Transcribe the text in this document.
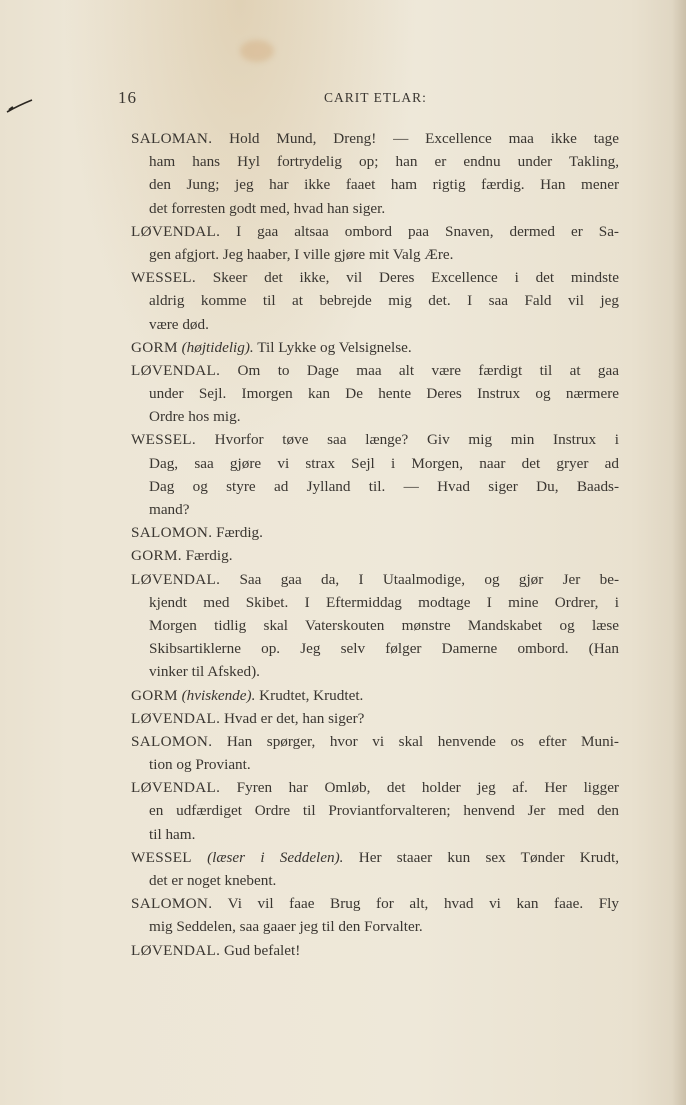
16	CARIT ETLAR:
SALOMAN. Hold Mund, Dreng! — Excellence maa ikke tage
ham hans Hyl fortrydelig op; han er endnu under Takling,
den Jung; jeg har ikke faaet ham rigtig færdig. Han mener
det forresten godt med, hvad han siger.
LØVENDAL. I gaa altsaa ombord paa Snaven, dermed er Sa-
gen afgjort. Jeg haaber, I ville gjøre mit Valg Ære.
WESSEL. Skeer det ikke, vil Deres Excellence i det mindste
aldrig komme til at bebrejde mig det. I saa Fald vil jeg
være død.
GORM (højtidelig). Til Lykke og Velsignelse.
LØVENDAL. Om to Dage maa alt være færdigt til at gaa
under Sejl. Imorgen kan De hente Deres Instrux og nærmere
Ordre hos mig.
WESSEL. Hvorfor tøve saa længe? Giv mig min Instrux i
Dag, saa gjøre vi strax Sejl i Morgen, naar det gryer ad
Dag og styre ad Jylland til. — Hvad siger Du, Baads-
mand?
SALOMON. Færdig.
GORM. Færdig.
LØVENDAL. Saa gaa da, I Utaalmodige, og gjør Jer be-
kjendt med Skibet. I Eftermiddag modtage I mine Ordrer, i
Morgen tidlig skal Vaterskouten mønstre Mandskabet og læse
Skibsartiklerne op. Jeg selv følger Damerne ombord. (Han
vinker til Afsked).
GORM (hviskende). Krudtet, Krudtet.
LØVENDAL. Hvad er det, han siger?
SALOMON. Han spørger, hvor vi skal henvende os efter Muni-
tion og Proviant.
LØVENDAL. Fyren har Omløb, det holder jeg af. Her ligger
en udfærdiget Ordre til Proviantforvalteren; henvend Jer med den
til ham.
WESSEL (læser i Seddelen). Her staaer kun sex Tønder Krudt,
det er noget knebent.
SALOMON. Vi vil faae Brug for alt, hvad vi kan faae. Fly
mig Seddelen, saa gaaer jeg til den Forvalter.
LØVENDAL. Gud befalet!
